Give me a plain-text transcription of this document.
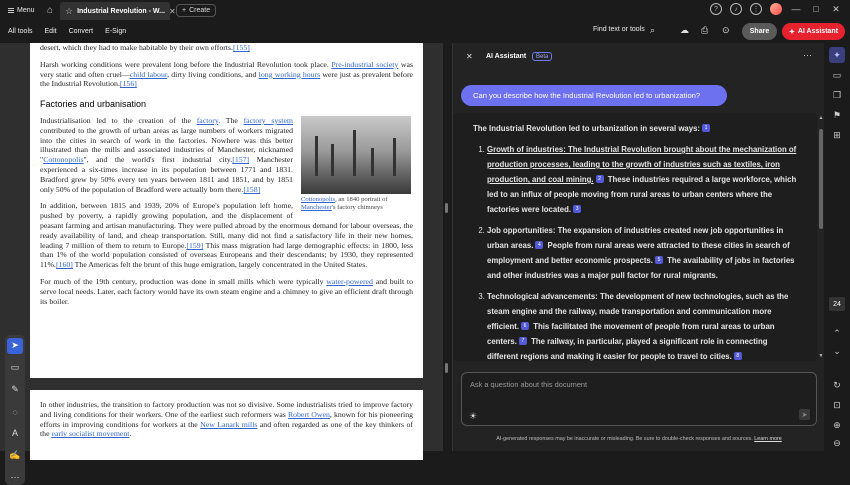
Menu ⌂ ☆ Industrial Revolution - W... ✕ + Create	?	♪	⋮	—	□	✕
All tools Edit Convert E-Sign	Find text or tools ⌕	☁ ⎙ ⊙	Share	✦ AI Assistant
desert, which they had to make habitable by their own efforts.[155]
Harsh working conditions were prevalent long before the Industrial Revolution took place. Pre-industrial society was very static and often cruel—child labour, dirty living conditions, and long working hours were just as prevalent before the Industrial Revolution.[156]
Factories and urbanisation
Cottonopolis, an 1840 portrait of Manchester's factory chimneys
Industrialisation led to the creation of the factory. The factory system contributed to the growth of urban areas as large numbers of workers migrated into the cities in search of work in the factories. Nowhere was this better illustrated than the mills and associated industries of Manchester, nicknamed "Cottonopolis", and the world's first industrial city.[157] Manchester experienced a six-times increase in its population between 1771 and 1831. Bradford grew by 50% every ten years between 1811 and 1851, and by 1851 only 50% of the population of Bradford were actually born there.[158]
In addition, between 1815 and 1939, 20% of Europe's population left home, pushed by poverty, a rapidly growing population, and the displacement of peasant farming and artisan manufacturing. They were pulled abroad by the enormous demand for labour overseas, the ready availability of land, and cheap transportation. Still, many did not find a satisfactory life in their new homes, leading 7 million of them to return to Europe.[159] This mass migration had large demographic effects: in 1800, less than 1% of the world population consisted of overseas Europeans and their descendants; by 1930, they represented 11%.[160] The Americas felt the brunt of this huge emigration, largely concentrated in the United States.
For much of the 19th century, production was done in small mills which were typically water-powered and built to serve local needs. Later, each factory would have its own steam engine and a chimney to give an efficient draft through its boiler.
In other industries, the transition to factory production was not so divisive. Some industrialists tried to improve factory and living conditions for their workers. One of the earliest such reformers was Robert Owen, known for his pioneering efforts in improving conditions for workers at the New Lanark mills and often regarded as one of the key thinkers of the early socialist movement.
➤
▭
✎
◌
A
✍
⋯
✕ AI Assistant	Beta	⋯
Can you describe how the Industrial Revolution led to urbanization?
The Industrial Revolution led to urbanization in several ways: 1
1. Growth of industries: The Industrial Revolution brought about the mechanization of production processes, leading to the growth of industries such as textiles, iron production, and coal mining. 2 These industries required a large workforce, which led to an influx of people moving from rural areas to urban centers where the factories were located. 3
2. Job opportunities: The expansion of industries created new job opportunities in urban areas. 4 People from rural areas were attracted to these cities in search of employment and better economic prospects. 5 The availability of jobs in factories and other industries was a major pull factor for rural migrants.
3. Technological advancements: The development of new technologies, such as the steam engine and the railway, made transportation and communication more efficient. 6 This facilitated the movement of people from rural areas to urban centers. 7 The railway, in particular, played a significant role in connecting different regions and making it easier for people to travel to cities. 8
4.
▲
▼
Ask a question about this document
☀	➤
AI-generated responses may be inaccurate or misleading. Be sure to double-check responses and sources. Learn more
✦
▭
❐
⚑
⊞
24
⌃
⌄
↻
⊡
⊕
⊖
